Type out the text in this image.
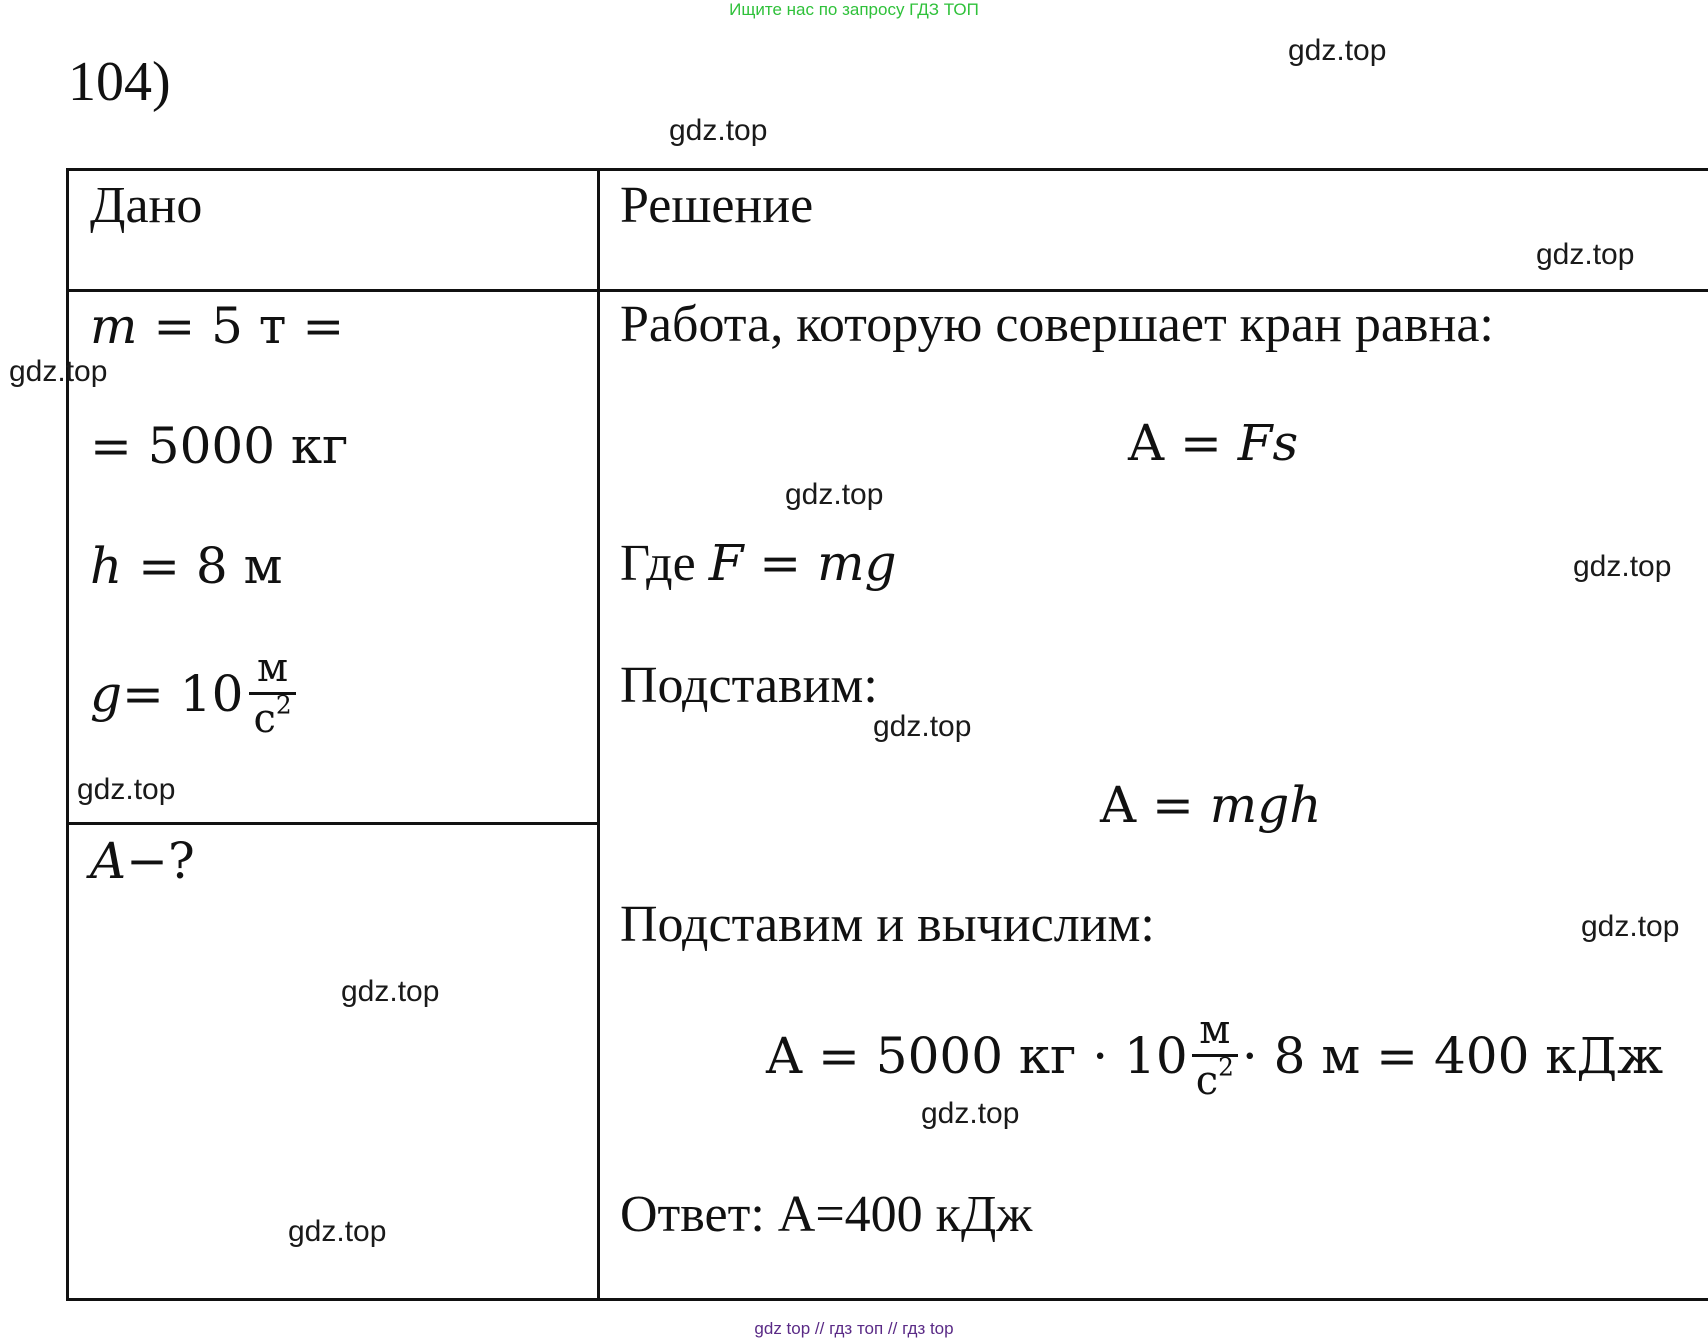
Ищите нас по запросу ГДЗ ТОП
104)
Дано
m = 5 т =
= 5000 кг
h = 8 м
$g = 10 \frac{м}{с^2}$
A−?
Решение
Работа, которую совершает кран равна:
A = Fs
Где F = mg
Подставим:
A = mgh
Подставим и вычислим:
A = 5000 кг · $10 \frac{м}{с^2} \cdot 8$ м = 400 кДж
Ответ: A=400 кДж
gdz.top
gdz.top
gdz.top
gdz.top
gdz.top
gdz.top
gdz.top
gdz.top
gdz.top
gdz.top
gdz.top
gdz.top
gdz top // гдз топ // гдз top
